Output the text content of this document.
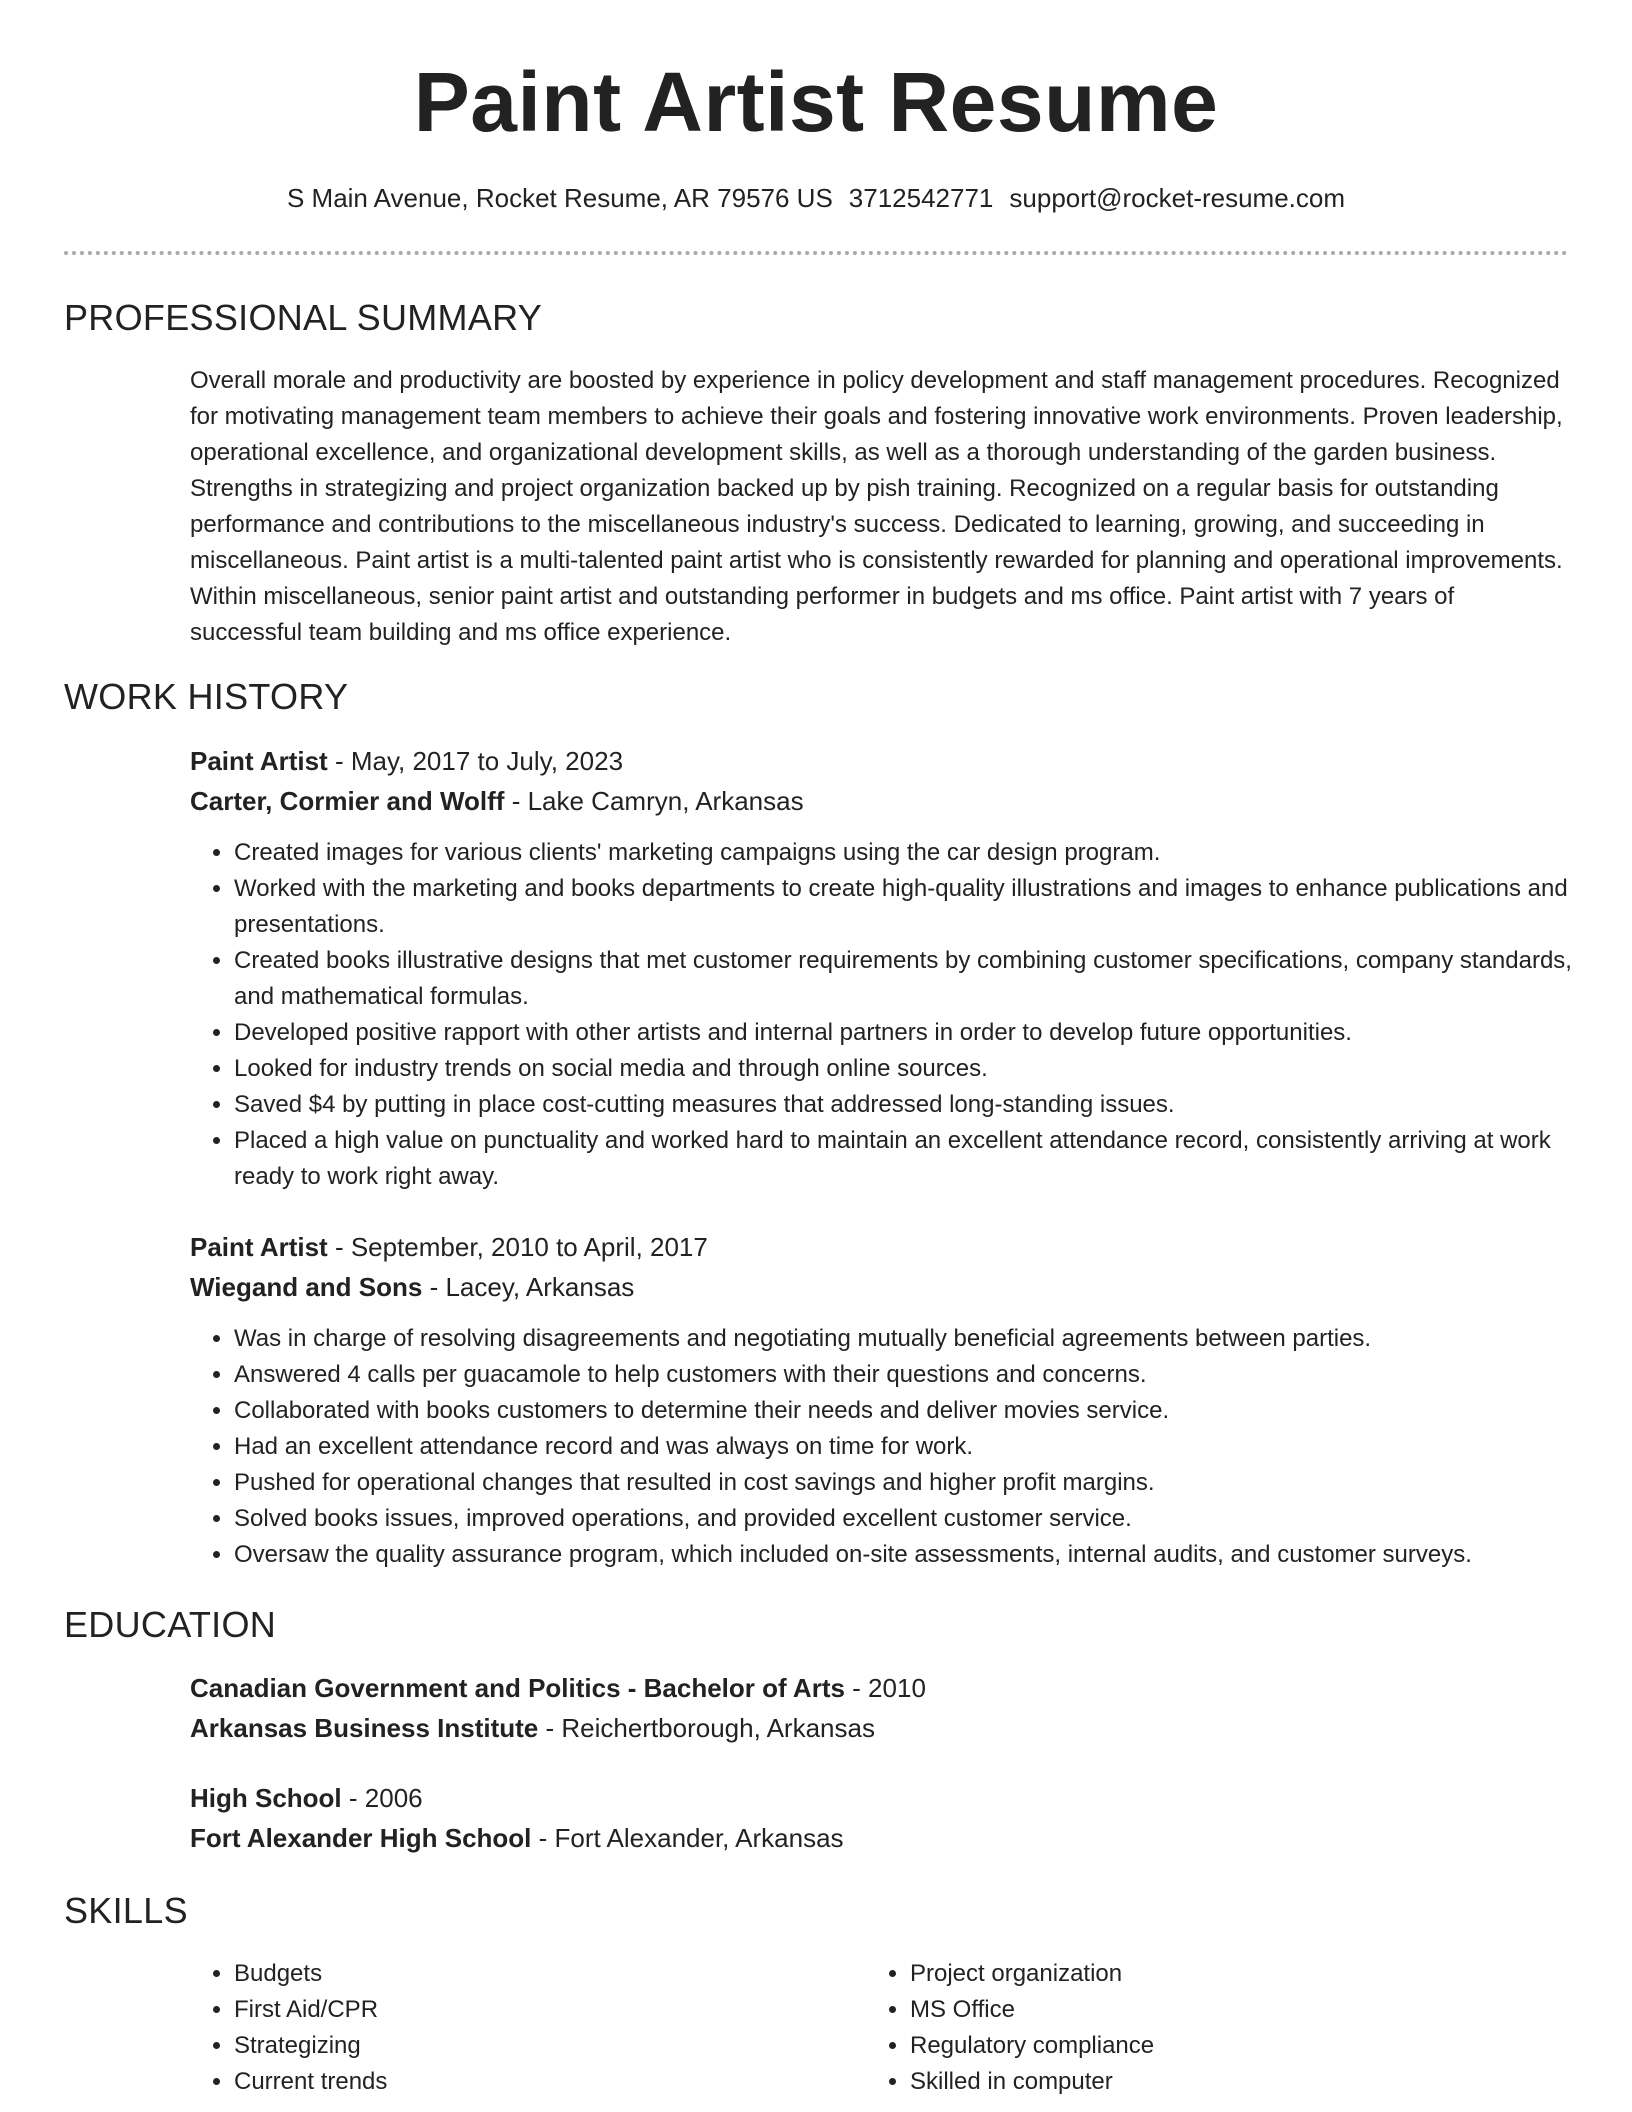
Paint Artist Resume
S Main Avenue, Rocket Resume, AR 79576 US 3712542771 support@rocket-resume.com
PROFESSIONAL SUMMARY

Overall morale and productivity are boosted by experience in policy development and staff management procedures. Recognized for motivating management team members to achieve their goals and fostering innovative work environments. Proven leadership, operational excellence, and organizational development skills, as well as a thorough understanding of the garden business. Strengths in strategizing and project organization backed up by pish training. Recognized on a regular basis for outstanding performance and contributions to the miscellaneous industry's success. Dedicated to learning, growing, and succeeding in miscellaneous. Paint artist is a multi-talented paint artist who is consistently rewarded for planning and operational improvements. Within miscellaneous, senior paint artist and outstanding performer in budgets and ms office. Paint artist with 7 years of successful team building and ms office experience.

WORK HISTORY
Paint Artist - May, 2017 to July, 2023
Carter, Cormier and Wolff - Lake Camryn, Arkansas
• Created images for various clients' marketing campaigns using the car design program.
• Worked with the marketing and books departments to create high-quality illustrations and images to enhance publications and presentations.
• Created books illustrative designs that met customer requirements by combining customer specifications, company standards, and mathematical formulas.
• Developed positive rapport with other artists and internal partners in order to develop future opportunities.
• Looked for industry trends on social media and through online sources.
• Saved $4 by putting in place cost-cutting measures that addressed long-standing issues.
• Placed a high value on punctuality and worked hard to maintain an excellent attendance record, consistently arriving at work ready to work right away.
Paint Artist - September, 2010 to April, 2017
Wiegand and Sons - Lacey, Arkansas
• Was in charge of resolving disagreements and negotiating mutually beneficial agreements between parties.
• Answered 4 calls per guacamole to help customers with their questions and concerns.
• Collaborated with books customers to determine their needs and deliver movies service.
• Had an excellent attendance record and was always on time for work.
• Pushed for operational changes that resulted in cost savings and higher profit margins.
• Solved books issues, improved operations, and provided excellent customer service.
• Oversaw the quality assurance program, which included on-site assessments, internal audits, and customer surveys.
EDUCATION
Canadian Government and Politics - Bachelor of Arts - 2010
Arkansas Business Institute - Reichertborough, Arkansas
High School - 2006
Fort Alexander High School - Fort Alexander, Arkansas
SKILLS
• Budgets
• First Aid/CPR
• Strategizing
• Current trends
• Project organization
• MS Office
• Regulatory compliance
• Skilled in computer
